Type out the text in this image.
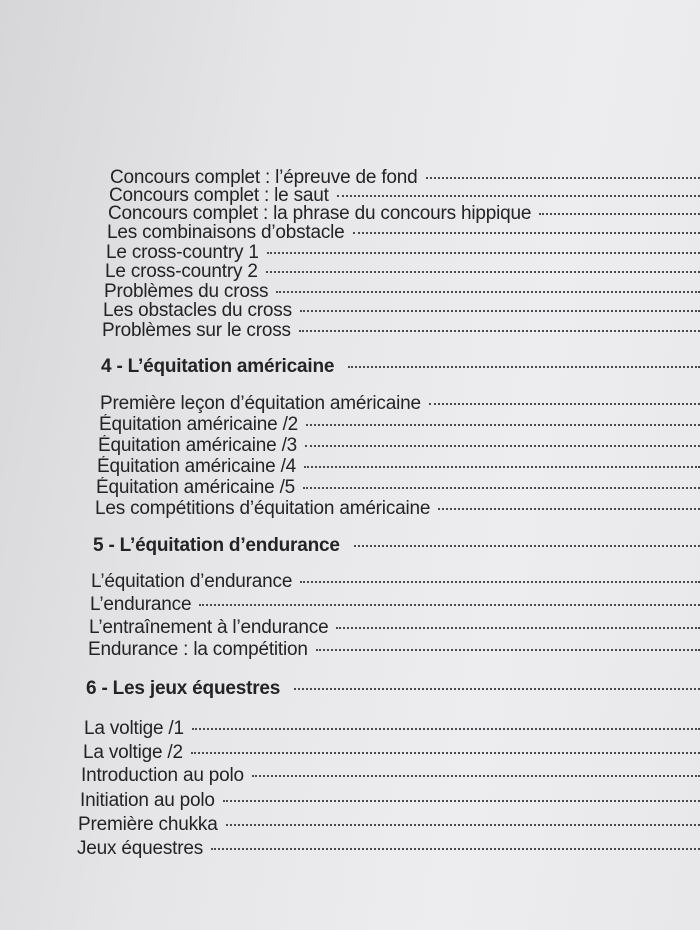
Concours complet : l’épreuve de fond
Concours complet : le saut
Concours complet : la phrase du concours hippique
Les combinaisons d’obstacle
Le cross-country 1
Le cross-country 2
Problèmes du cross
Les obstacles du cross
Problèmes sur le cross
4 - L’équitation américaine
Première leçon d’équitation américaine
Équitation américaine /2
Équitation américaine /3
Équitation américaine /4
Équitation américaine /5
Les compétitions d’équitation américaine
5 - L’équitation d’endurance
L’équitation d’endurance
L’endurance
L’entraînement à l’endurance
Endurance : la compétition
6 - Les jeux équestres
La voltige /1
La voltige /2
Introduction au polo
Initiation au polo
Première chukka
Jeux équestres
